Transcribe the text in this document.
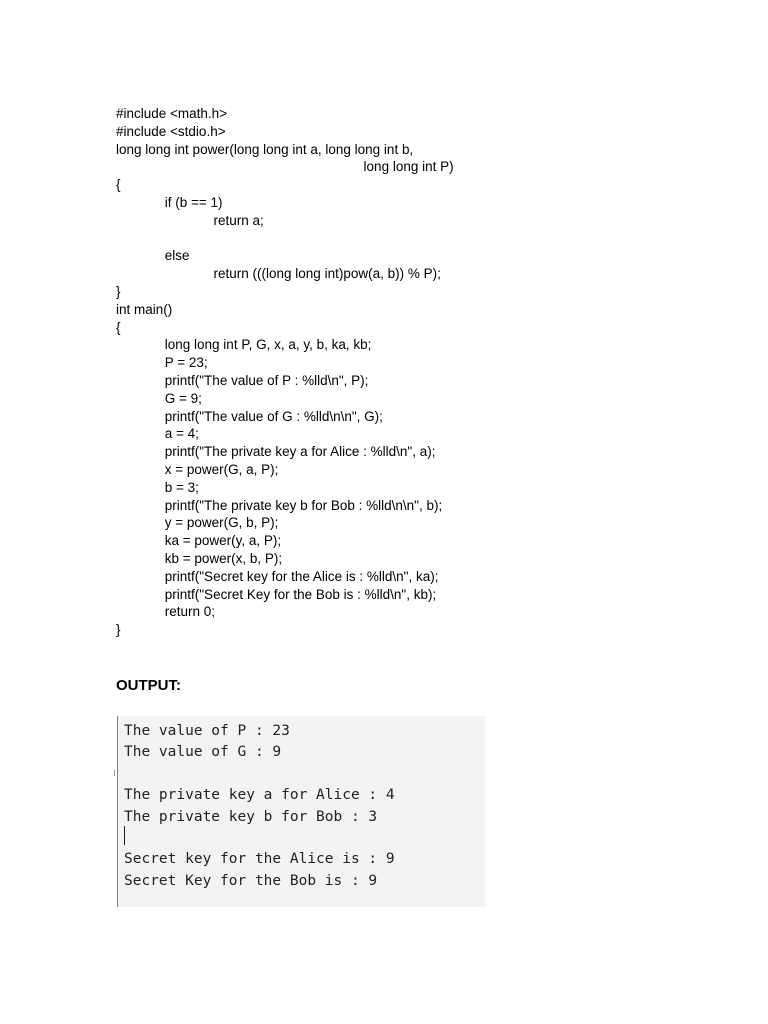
#include <math.h>
#include <stdio.h>
long long int power(long long int a, long long int b,
long long int P)
{
if (b == 1)
return a;
else
return (((long long int)pow(a, b)) % P);
}
int main()
{
long long int P, G, x, a, y, b, ka, kb;
P = 23;
printf("The value of P : %lld\n", P);
G = 9;
printf("The value of G : %lld\n\n", G);
a = 4;
printf("The private key a for Alice : %lld\n", a);
x = power(G, a, P);
b = 3;
printf("The private key b for Bob : %lld\n\n", b);
y = power(G, b, P);
ka = power(y, a, P);
kb = power(x, b, P);
printf("Secret key for the Alice is : %lld\n", ka);
printf("Secret Key for the Bob is : %lld\n", kb);
return 0;
}
OUTPUT:
The value of P : 23
The value of G : 9
The private key a for Alice : 4
The private key b for Bob : 3
Secret key for the Alice is : 9
Secret Key for the Bob is : 9
